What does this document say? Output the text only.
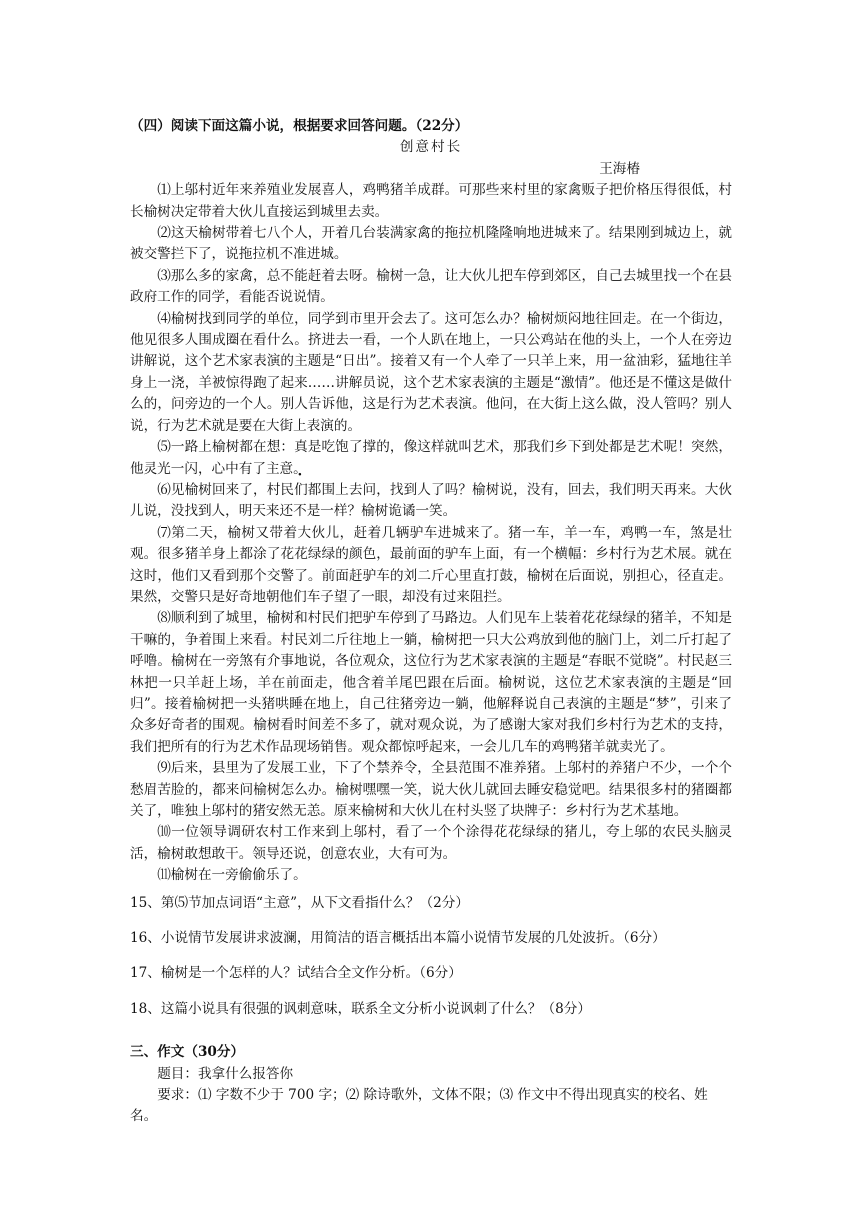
（四）阅读下面这篇小说，根据要求回答问题。（22分）

创意村长

王海椿

⑴上邬村近年来养殖业发展喜人，鸡鸭猪羊成群。可那些来村里的家禽贩子把价格压得很低，村长榆树决定带着大伙儿直接运到城里去卖。

⑵这天榆树带着七八个人，开着几台装满家禽的拖拉机隆隆响地进城来了。结果刚到城边上，就被交警拦下了，说拖拉机不准进城。

⑶那么多的家禽，总不能赶着去呀。榆树一急，让大伙儿把车停到郊区，自己去城里找一个在县政府工作的同学，看能否说说情。

⑷榆树找到同学的单位，同学到市里开会去了。这可怎么办？榆树烦闷地往回走。在一个街边，他见很多人围成圈在看什么。挤进去一看，一个人趴在地上，一只公鸡站在他的头上，一个人在旁边讲解说，这个艺术家表演的主题是“日出”。接着又有一个人牵了一只羊上来，用一盆油彩，猛地往羊身上一浇，羊被惊得跑了起来……讲解员说，这个艺术家表演的主题是“激情”。他还是不懂这是做什么的，问旁边的一个人。别人告诉他，这是行为艺术表演。他问，在大街上这么做，没人管吗？别人说，行为艺术就是要在大街上表演的。

⑸一路上榆树都在想：真是吃饱了撑的，像这样就叫艺术，那我们乡下到处都是艺术呢！突然，他灵光一闪，心中有了主意。

⑹见榆树回来了，村民们都围上去问，找到人了吗？榆树说，没有，回去，我们明天再来。大伙儿说，没找到人，明天来还不是一样？榆树诡谲一笑。

⑺第二天，榆树又带着大伙儿，赶着几辆驴车进城来了。猪一车，羊一车，鸡鸭一车，煞是壮观。很多猪羊身上都涂了花花绿绿的颜色，最前面的驴车上面，有一个横幅：乡村行为艺术展。就在这时，他们又看到那个交警了。前面赶驴车的刘二斤心里直打鼓，榆树在后面说，别担心，径直走。果然，交警只是好奇地朝他们车子望了一眼，却没有过来阻拦。

⑻顺利到了城里，榆树和村民们把驴车停到了马路边。人们见车上装着花花绿绿的猪羊，不知是干嘛的，争着围上来看。村民刘二斤往地上一躺，榆树把一只大公鸡放到他的脑门上，刘二斤打起了呼噜。榆树在一旁煞有介事地说，各位观众，这位行为艺术家表演的主题是“春眠不觉晓”。村民赵三林把一只羊赶上场，羊在前面走，他含着羊尾巴跟在后面。榆树说，这位艺术家表演的主题是“回归”。接着榆树把一头猪哄睡在地上，自己往猪旁边一躺，他解释说自己表演的主题是“梦”，引来了众多好奇者的围观。榆树看时间差不多了，就对观众说，为了感谢大家对我们乡村行为艺术的支持，我们把所有的行为艺术作品现场销售。观众都惊呼起来，一会儿几车的鸡鸭猪羊就卖光了。

⑼后来，县里为了发展工业，下了个禁养令，全县范围不准养猪。上邬村的养猪户不少，一个个愁眉苦脸的，都来问榆树怎么办。榆树嘿嘿一笑，说大伙儿就回去睡安稳觉吧。结果很多村的猪圈都关了，唯独上邬村的猪安然无恙。原来榆树和大伙儿在村头竖了块牌子：乡村行为艺术基地。

⑽一位领导调研农村工作来到上邬村，看了一个个涂得花花绿绿的猪儿，夸上邬的农民头脑灵活，榆树敢想敢干。领导还说，创意农业，大有可为。

⑾榆树在一旁偷偷乐了。

15、第⑸节加点词语“主意”，从下文看指什么？（2分）

16、小说情节发展讲求波澜，用简洁的语言概括出本篇小说情节发展的几处波折。（6分）

17、榆树是一个怎样的人？试结合全文作分析。（6分）

18、这篇小说具有很强的讽刺意味，联系全文分析小说讽刺了什么？（8分）

三、作文（30分）

题目：我拿什么报答你

要求：⑴ 字数不少于 700 字；⑵ 除诗歌外，文体不限；⑶ 作文中不得出现真实的校名、姓名。
